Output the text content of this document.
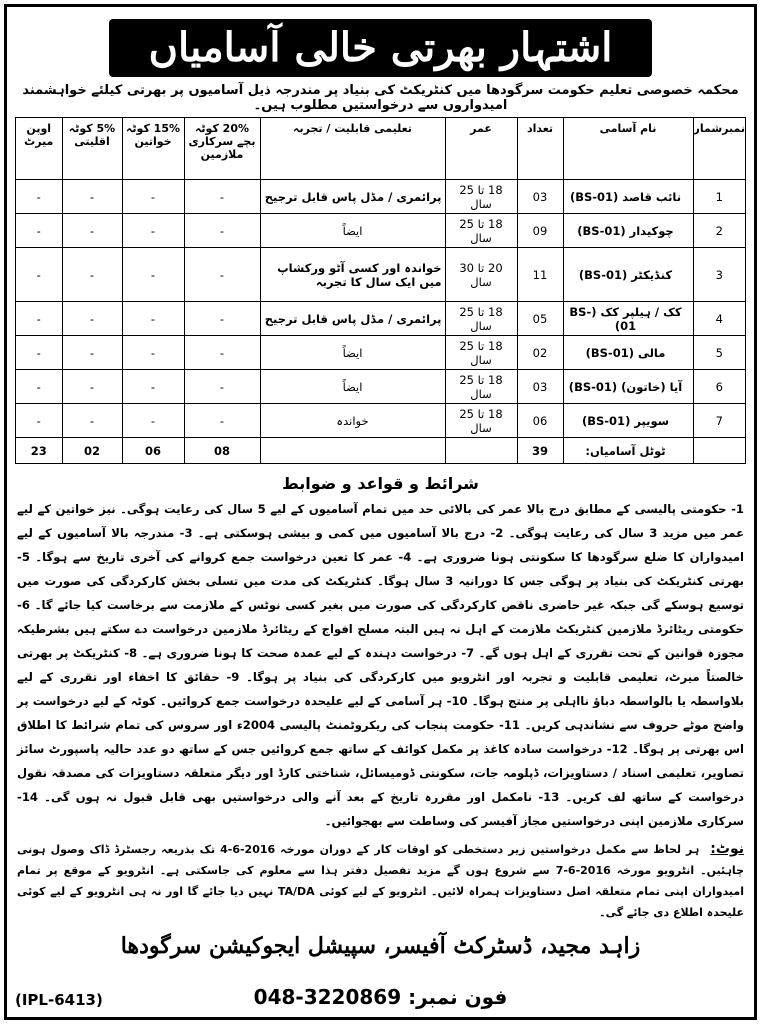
اشتہار بھرتی خالی آسامیاں
محکمہ خصوصی تعلیم حکومت سرگودھا میں کنٹریکٹ کی بنیاد پر مندرجہ ذیل آسامیوں پر بھرتی کیلئے خواہشمند امیدواروں سے درخواستیں مطلوب ہیں۔
نمبرشمار	نام آسامی	تعداد	عمر	تعلیمی قابلیت / تجربہ	20% کوٹہ بچے سرکاری ملازمین	15% کوٹہ خواتین	5% کوٹہ اقلیتی	اوپن میرٹ
1	نائب قاصد (BS-01)	03	18 تا 25 سال	پرائمری / مڈل پاس قابل ترجیح	-	-	-	-
2	چوکیدار (BS-01)	09	18 تا 25 سال	ایضاً	-	-	-	-
3	کنڈیکٹر (BS-01)	11	20 تا 30 سال	خواندہ اور کسی آٹو ورکشاپ میں ایک سال کا تجربہ	-	-	-	-
4	کک / ہیلپر کک (BS-01)	05	18 تا 25 سال	پرائمری / مڈل پاس قابل ترجیح	-	-	-	-
5	مالی (BS-01)	02	18 تا 25 سال	ایضاً	-	-	-	-
6	آیا (خاتون) (BS-01)	03	18 تا 25 سال	ایضاً	-	-	-	-
7	سویپر (BS-01)	06	18 تا 25 سال	خواندہ	-	-	-	-
	ٹوٹل آسامیاں:	39			08	06	02	23
شرائط و قواعد و ضوابط
1- حکومتی پالیسی کے مطابق درج بالا عمر کی بالائی حد میں تمام آسامیوں کے لیے 5 سال کی رعایت ہوگی۔ نیز خواتین کے لیے عمر میں مزید 3 سال کی رعایت ہوگی۔ 2- درج بالا آسامیوں میں کمی و بیشی ہوسکتی ہے۔ 3- مندرجہ بالا آسامیوں کے لیے امیدواران کا ضلع سرگودھا کا سکونتی ہونا ضروری ہے۔ 4- عمر کا تعین درخواست جمع کروانے کی آخری تاریخ سے ہوگا۔ 5- بھرتی کنٹریکٹ کی بنیاد پر ہوگی جس کا دورانیہ 3 سال ہوگا۔ کنٹریکٹ کی مدت میں تسلی بخش کارکردگی کی صورت میں توسیع ہوسکے گی جبکہ غیر حاضری ناقص کارکردگی کی صورت میں بغیر کسی نوٹس کے ملازمت سے برخاست کیا جائے گا۔ 6- حکومتی ریٹائرڈ ملازمین کنٹریکٹ ملازمت کے اہل نہ ہیں البتہ مسلح افواج کے ریٹائرڈ ملازمین درخواست دے سکتے ہیں بشرطیکہ مجوزہ قوانین کے تحت تقرری کے اہل ہوں گے۔ 7- درخواست دہندہ کے لیے عمدہ صحت کا ہونا ضروری ہے۔ 8- کنٹریکٹ پر بھرتی خالصتاً میرٹ، تعلیمی قابلیت و تجربہ اور انٹرویو میں کارکردگی کی بنیاد پر ہوگا۔ 9- حقائق کا اخفاء اور تقرری کے لیے بلاواسطہ یا بالواسطہ دباؤ نااہلی پر منتج ہوگا۔ 10- ہر آسامی کے لیے علیحدہ درخواست جمع کروائیں۔ کوٹہ کے لیے درخواست پر واضح موٹے حروف سے نشاندہی کریں۔ 11- حکومت پنجاب کی ریکروٹمنٹ پالیسی 2004ء اور سروس کی تمام شرائط کا اطلاق اس بھرتی پر ہوگا۔ 12- درخواست سادہ کاغذ پر مکمل کوائف کے ساتھ جمع کروائیں جس کے ساتھ دو عدد حالیہ پاسپورٹ سائز تصاویر، تعلیمی اسناد / دستاویزات، ڈپلومہ جات، سکونتی ڈومیسائل، شناختی کارڈ اور دیگر متعلقہ دستاویزات کی مصدقہ نقول درخواست کے ساتھ لف کریں۔ 13- نامکمل اور مقررہ تاریخ کے بعد آنے والی درخواستیں بھی قابل قبول نہ ہوں گی۔ 14- سرکاری ملازمین اپنی درخواستیں مجاز آفیسر کی وساطت سے بھجوائیں۔
نوٹ: ہر لحاظ سے مکمل درخواستیں زیر دستخطی کو اوقات کار کے دوران مورخہ 2016-6-4 تک بذریعہ رجسٹرڈ ڈاک وصول ہونی چاہئیں۔ انٹرویو مورخہ 2016-6-7 سے شروع ہوں گے مزید تفصیل دفتر ہذا سے معلوم کی جاسکتی ہے۔ انٹرویو کے موقع پر تمام امیدواران اپنی تمام متعلقہ اصل دستاویزات ہمراہ لائیں۔ انٹرویو کے لیے کوئی TA/DA نہیں دیا جائے گا اور نہ ہی انٹرویو کے لیے کوئی علیحدہ اطلاع دی جائے گی۔
زاہد مجید، ڈسٹرکٹ آفیسر، سپیشل ایجوکیشن سرگودھا
فون نمبر: 048-3220869
(IPL-6413)
